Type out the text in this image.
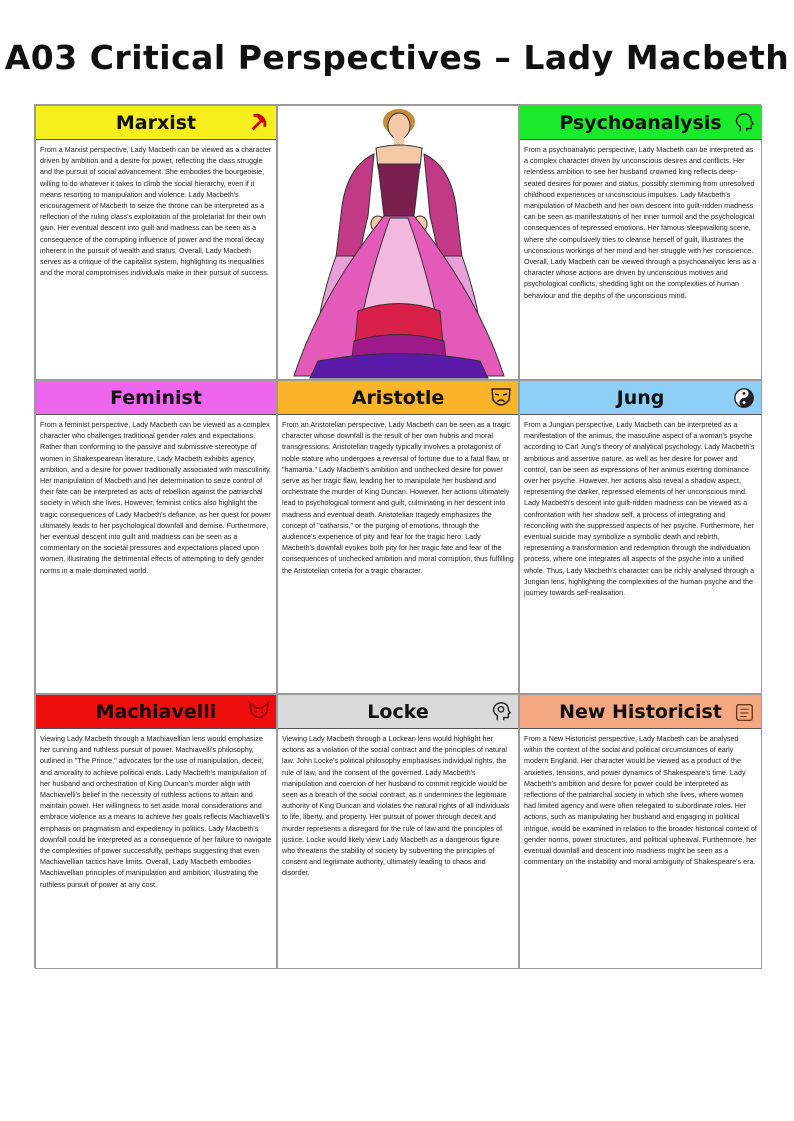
A03 Critical Perspectives – Lady Macbeth
Marxist
From a Marxist perspective, Lady Macbeth can be viewed as a character driven by ambition and a desire for power, reflecting the class struggle and the pursuit of social advancement. She embodies the bourgeoisie, willing to do whatever it takes to climb the social hierarchy, even if it means resorting to manipulation and violence. Lady Macbeth's encouragement of Macbeth to seize the throne can be interpreted as a reflection of the ruling class's exploitation of the proletariat for their own gain. Her eventual descent into guilt and madness can be seen as a consequence of the corrupting influence of power and the moral decay inherent in the pursuit of wealth and status. Overall, Lady Macbeth serves as a critique of the capitalist system, highlighting its inequalities and the moral compromises individuals make in their pursuit of success.
Psychoanalysis
From a psychoanalytic perspective, Lady Macbeth can be interpreted as a complex character driven by unconscious desires and conflicts. Her relentless ambition to see her husband crowned king reflects deep-seated desires for power and status, possibly stemming from unresolved childhood experiences or unconscious impulses. Lady Macbeth's manipulation of Macbeth and her own descent into guilt-ridden madness can be seen as manifestations of her inner turmoil and the psychological consequences of repressed emotions. Her famous sleepwalking scene, where she compulsively tries to cleanse herself of guilt, illustrates the unconscious workings of her mind and her struggle with her conscience. Overall, Lady Macbeth can be viewed through a psychoanalytic lens as a character whose actions are driven by unconscious motives and psychological conflicts, shedding light on the complexities of human behaviour and the depths of the unconscious mind.
Feminist
From a feminist perspective, Lady Macbeth can be viewed as a complex character who challenges traditional gender roles and expectations. Rather than conforming to the passive and submissive stereotype of women in Shakespearean literature, Lady Macbeth exhibits agency, ambition, and a desire for power traditionally associated with masculinity. Her manipulation of Macbeth and her determination to seize control of their fate can be interpreted as acts of rebellion against the patriarchal society in which she lives. However, feminist critics also highlight the tragic consequences of Lady Macbeth's defiance, as her quest for power ultimately leads to her psychological downfall and demise. Furthermore, her eventual descent into guilt and madness can be seen as a commentary on the societal pressures and expectations placed upon women, illustrating the detrimental effects of attempting to defy gender norms in a male-dominated world.
Aristotle
From an Aristotelian perspective, Lady Macbeth can be seen as a tragic character whose downfall is the result of her own hubris and moral transgressions. Aristotelian tragedy typically involves a protagonist of noble stature who undergoes a reversal of fortune due to a fatal flaw, or "hamartia." Lady Macbeth's ambition and unchecked desire for power serve as her tragic flaw, leading her to manipulate her husband and orchestrate the murder of King Duncan. However, her actions ultimately lead to psychological torment and guilt, culminating in her descent into madness and eventual death. Aristotelian tragedy emphasizes the concept of "catharsis," or the purging of emotions, through the audience's experience of pity and fear for the tragic hero. Lady Macbeth's downfall evokes both pity for her tragic fate and fear of the consequences of unchecked ambition and moral corruption, thus fulfilling the Aristotelian criteria for a tragic character.
Jung
From a Jungian perspective, Lady Macbeth can be interpreted as a manifestation of the animus, the masculine aspect of a woman's psyche according to Carl Jung's theory of analytical psychology. Lady Macbeth's ambitious and assertive nature, as well as her desire for power and control, can be seen as expressions of her animus exerting dominance over her psyche. However, her actions also reveal a shadow aspect, representing the darker, repressed elements of her unconscious mind. Lady Macbeth's descent into guilt-ridden madness can be viewed as a confrontation with her shadow self, a process of integrating and reconciling with the suppressed aspects of her psyche. Furthermore, her eventual suicide may symbolize a symbolic death and rebirth, representing a transformation and redemption through the individuation process, where one integrates all aspects of the psyche into a unified whole. Thus, Lady Macbeth's character can be richly analysed through a Jungian lens, highlighting the complexities of the human psyche and the journey towards self-realisation.
Machiavelli
Viewing Lady Macbeth through a Machiavellian lens would emphasize her cunning and ruthless pursuit of power. Machiavelli's philosophy, outlined in "The Prince," advocates for the use of manipulation, deceit, and amorality to achieve political ends. Lady Macbeth's manipulation of her husband and orchestration of King Duncan's murder align with Machiavelli's belief in the necessity of ruthless actions to attain and maintain power. Her willingness to set aside moral considerations and embrace violence as a means to achieve her goals reflects Machiavelli's emphasis on pragmatism and expediency in politics. Lady Macbeth's downfall could be interpreted as a consequence of her failure to navigate the complexities of power successfully, perhaps suggesting that even Machiavellian tactics have limits. Overall, Lady Macbeth embodies Machiavellian principles of manipulation and ambition, illustrating the ruthless pursuit of power at any cost.
Locke
Viewing Lady Macbeth through a Lockean lens would highlight her actions as a violation of the social contract and the principles of natural law. John Locke's political philosophy emphasises individual rights, the rule of law, and the consent of the governed. Lady Macbeth's manipulation and coercion of her husband to commit regicide would be seen as a breach of the social contract, as it undermines the legitimate authority of King Duncan and violates the natural rights of all individuals to life, liberty, and property. Her pursuit of power through deceit and murder represents a disregard for the rule of law and the principles of justice. Locke would likely view Lady Macbeth as a dangerous figure who threatens the stability of society by subverting the principles of consent and legitimate authority, ultimately leading to chaos and disorder.
New Historicist
From a New Historicist perspective, Lady Macbeth can be analysed within the context of the social and political circumstances of early modern England. Her character would be viewed as a product of the anxieties, tensions, and power dynamics of Shakespeare's time. Lady Macbeth's ambition and desire for power could be interpreted as reflections of the patriarchal society in which she lives, where women had limited agency and were often relegated to subordinate roles. Her actions, such as manipulating her husband and engaging in political intrigue, would be examined in relation to the broader historical context of gender norms, power structures, and political upheaval. Furthermore, her eventual downfall and descent into madness might be seen as a commentary on the instability and moral ambiguity of Shakespeare's era.
